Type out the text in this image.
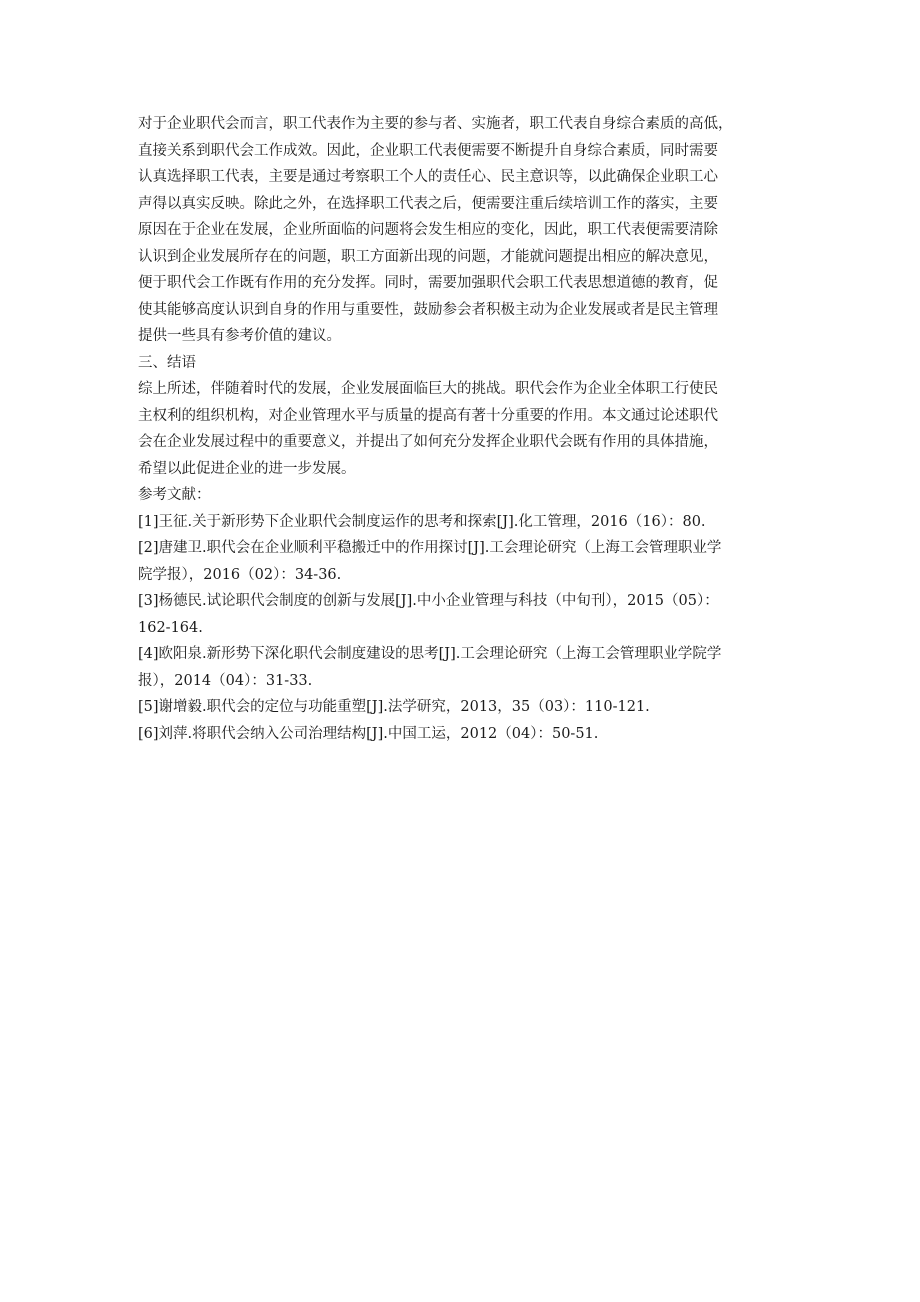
对于企业职代会而言，职工代表作为主要的参与者、实施者，职工代表自身综合素质的高低，
直接关系到职代会工作成效。因此，企业职工代表便需要不断提升自身综合素质，同时需要
认真选择职工代表，主要是通过考察职工个人的责任心、民主意识等，以此确保企业职工心
声得以真实反映。除此之外，在选择职工代表之后，便需要注重后续培训工作的落实，主要
原因在于企业在发展，企业所面临的问题将会发生相应的变化，因此，职工代表便需要清除
认识到企业发展所存在的问题，职工方面新出现的问题，才能就问题提出相应的解决意见，
便于职代会工作既有作用的充分发挥。同时，需要加强职代会职工代表思想道德的教育，促
使其能够高度认识到自身的作用与重要性，鼓励参会者积极主动为企业发展或者是民主管理
提供一些具有参考价值的建议。
三、结语
综上所述，伴随着时代的发展，企业发展面临巨大的挑战。职代会作为企业全体职工行使民
主权利的组织机构，对企业管理水平与质量的提高有著十分重要的作用。本文通过论述职代
会在企业发展过程中的重要意义，并提出了如何充分发挥企业职代会既有作用的具体措施，
希望以此促进企业的进一步发展。
参考文献：
[1]王征.关于新形势下企业职代会制度运作的思考和探索[J].化工管理，2016（16）：80.
[2]唐建卫.职代会在企业顺利平稳搬迁中的作用探讨[J].工会理论研究（上海工会管理职业学
院学报），2016（02）：34-36.
[3]杨德民.试论职代会制度的创新与发展[J].中小企业管理与科技（中旬刊），2015（05）：
162-164.
[4]欧阳泉.新形势下深化职代会制度建设的思考[J].工会理论研究（上海工会管理职业学院学
报），2014（04）：31-33.
[5]谢增毅.职代会的定位与功能重塑[J].法学研究，2013，35（03）：110-121.
[6]刘萍.将职代会纳入公司治理结构[J].中国工运，2012（04）：50-51.
